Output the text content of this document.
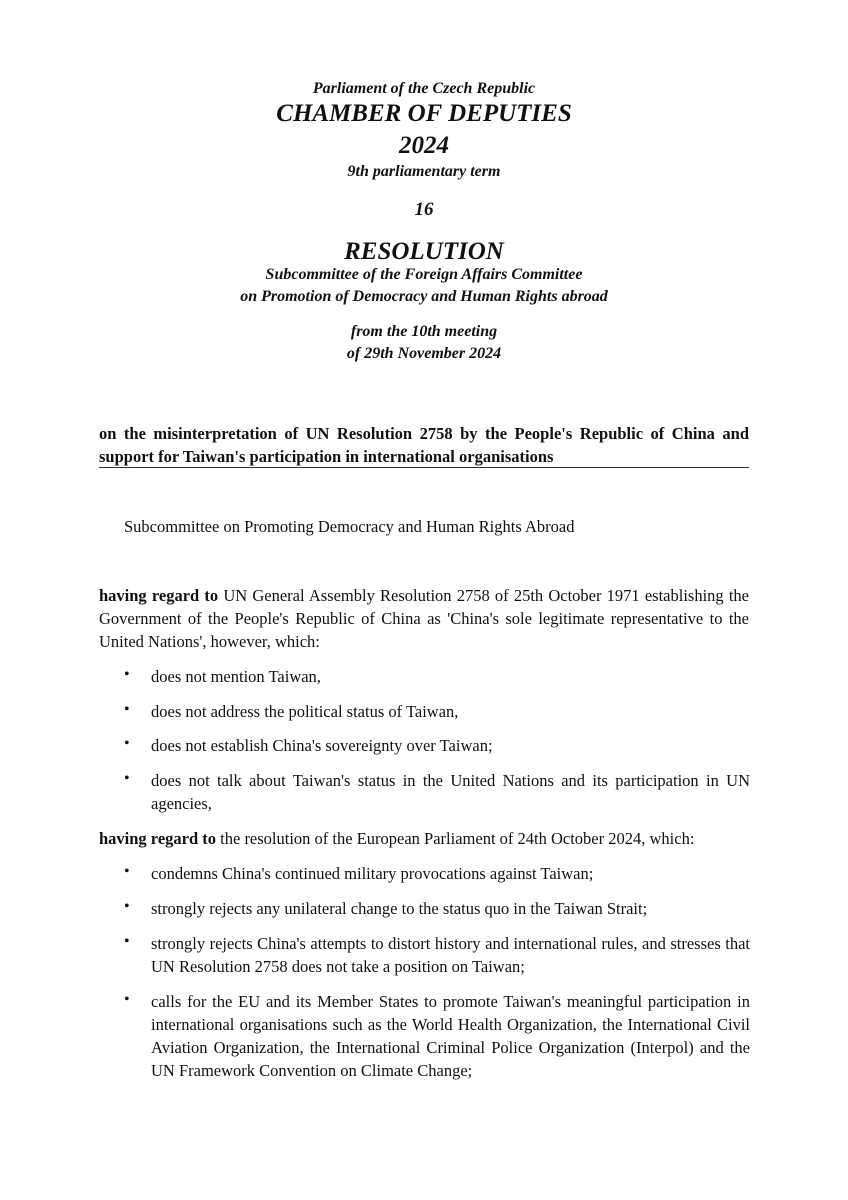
Parliament of the Czech Republic
CHAMBER OF DEPUTIES
2024
9th parliamentary term
16
RESOLUTION
Subcommittee of the Foreign Affairs Committee
on Promotion of Democracy and Human Rights abroad
from the 10th meeting
of 29th November 2024
on the misinterpretation of UN Resolution 2758 by the People's Republic of China and support for Taiwan's participation in international organisations
Subcommittee on Promoting Democracy and Human Rights Abroad
having regard to UN General Assembly Resolution 2758 of 25th October 1971 establishing the Government of the People's Republic of China as 'China's sole legitimate representative to the United Nations', however, which:
• does not mention Taiwan,
• does not address the political status of Taiwan,
• does not establish China's sovereignty over Taiwan;
• does not talk about Taiwan's status in the United Nations and its participation in UN agencies,
having regard to the resolution of the European Parliament of 24th October 2024, which:
• condemns China's continued military provocations against Taiwan;
• strongly rejects any unilateral change to the status quo in the Taiwan Strait;
• strongly rejects China's attempts to distort history and international rules, and stresses that UN Resolution 2758 does not take a position on Taiwan;
• calls for the EU and its Member States to promote Taiwan's meaningful participation in international organisations such as the World Health Organization, the International Civil Aviation Organization, the International Criminal Police Organization (Interpol) and the UN Framework Convention on Climate Change;
